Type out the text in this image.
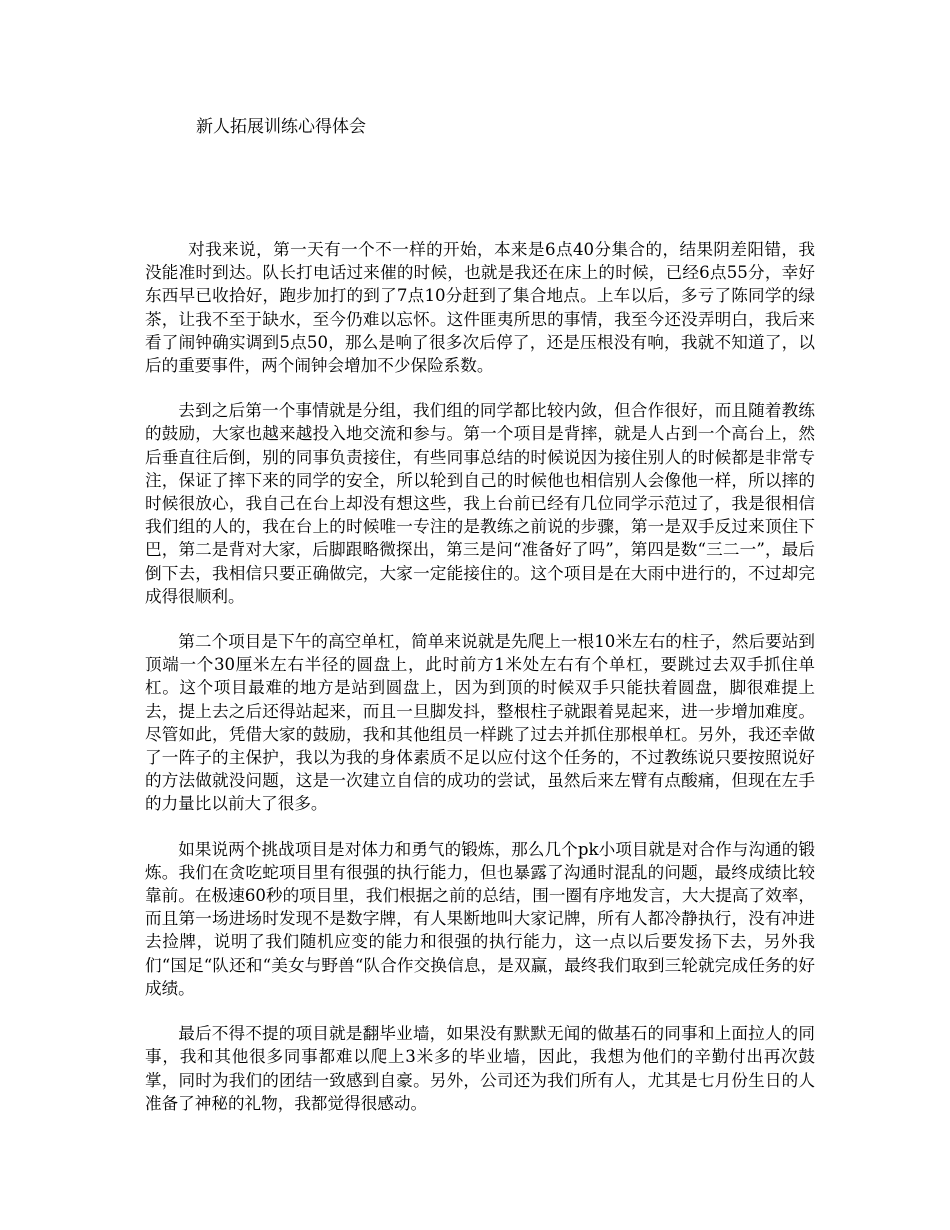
新人拓展训练心得体会

对我来说，第一天有一个不一样的开始，本来是6点40分集合的，结果阴差阳错，我没能准时到达。队长打电话过来催的时候，也就是我还在床上的时候，已经6点55分，幸好东西早已收拾好，跑步加打的到了7点10分赶到了集合地点。上车以后，多亏了陈同学的绿茶，让我不至于缺水，至今仍难以忘怀。这件匪夷所思的事情，我至今还没弄明白，我后来看了闹钟确实调到5点50，那么是响了很多次后停了，还是压根没有响，我就不知道了，以后的重要事件，两个闹钟会增加不少保险系数。

去到之后第一个事情就是分组，我们组的同学都比较内敛，但合作很好，而且随着教练的鼓励，大家也越来越投入地交流和参与。第一个项目是背摔，就是人占到一个高台上，然后垂直往后倒，别的同事负责接住，有些同事总结的时候说因为接住别人的时候都是非常专注，保证了摔下来的同学的安全，所以轮到自己的时候他也相信别人会像他一样，所以摔的时候很放心，我自己在台上却没有想这些，我上台前已经有几位同学示范过了，我是很相信我们组的人的，我在台上的时候唯一专注的是教练之前说的步骤，第一是双手反过来顶住下巴，第二是背对大家，后脚跟略微探出，第三是问“准备好了吗”，第四是数“三二一”，最后倒下去，我相信只要正确做完，大家一定能接住的。这个项目是在大雨中进行的，不过却完成得很顺利。

第二个项目是下午的高空单杠，简单来说就是先爬上一根10米左右的柱子，然后要站到顶端一个30厘米左右半径的圆盘上，此时前方1米处左右有个单杠，要跳过去双手抓住单杠。这个项目最难的地方是站到圆盘上，因为到顶的时候双手只能扶着圆盘，脚很难提上去，提上去之后还得站起来，而且一旦脚发抖，整根柱子就跟着晃起来，进一步增加难度。尽管如此，凭借大家的鼓励，我和其他组员一样跳了过去并抓住那根单杠。另外，我还幸做了一阵子的主保护，我以为我的身体素质不足以应付这个任务的，不过教练说只要按照说好的方法做就没问题，这是一次建立自信的成功的尝试，虽然后来左臂有点酸痛，但现在左手的力量比以前大了很多。

如果说两个挑战项目是对体力和勇气的锻炼，那么几个pk小项目就是对合作与沟通的锻炼。我们在贪吃蛇项目里有很强的执行能力，但也暴露了沟通时混乱的问题，最终成绩比较靠前。在极速60秒的项目里，我们根据之前的总结，围一圈有序地发言，大大提高了效率，而且第一场进场时发现不是数字牌，有人果断地叫大家记牌，所有人都冷静执行，没有冲进去捡牌，说明了我们随机应变的能力和很强的执行能力，这一点以后要发扬下去，另外我们“国足“队还和“美女与野兽“队合作交换信息，是双赢，最终我们取到三轮就完成任务的好成绩。

最后不得不提的项目就是翻毕业墙，如果没有默默无闻的做基石的同事和上面拉人的同事，我和其他很多同事都难以爬上3米多的毕业墙，因此，我想为他们的辛勤付出再次鼓掌，同时为我们的团结一致感到自豪。另外，公司还为我们所有人，尤其是七月份生日的人准备了神秘的礼物，我都觉得很感动。
